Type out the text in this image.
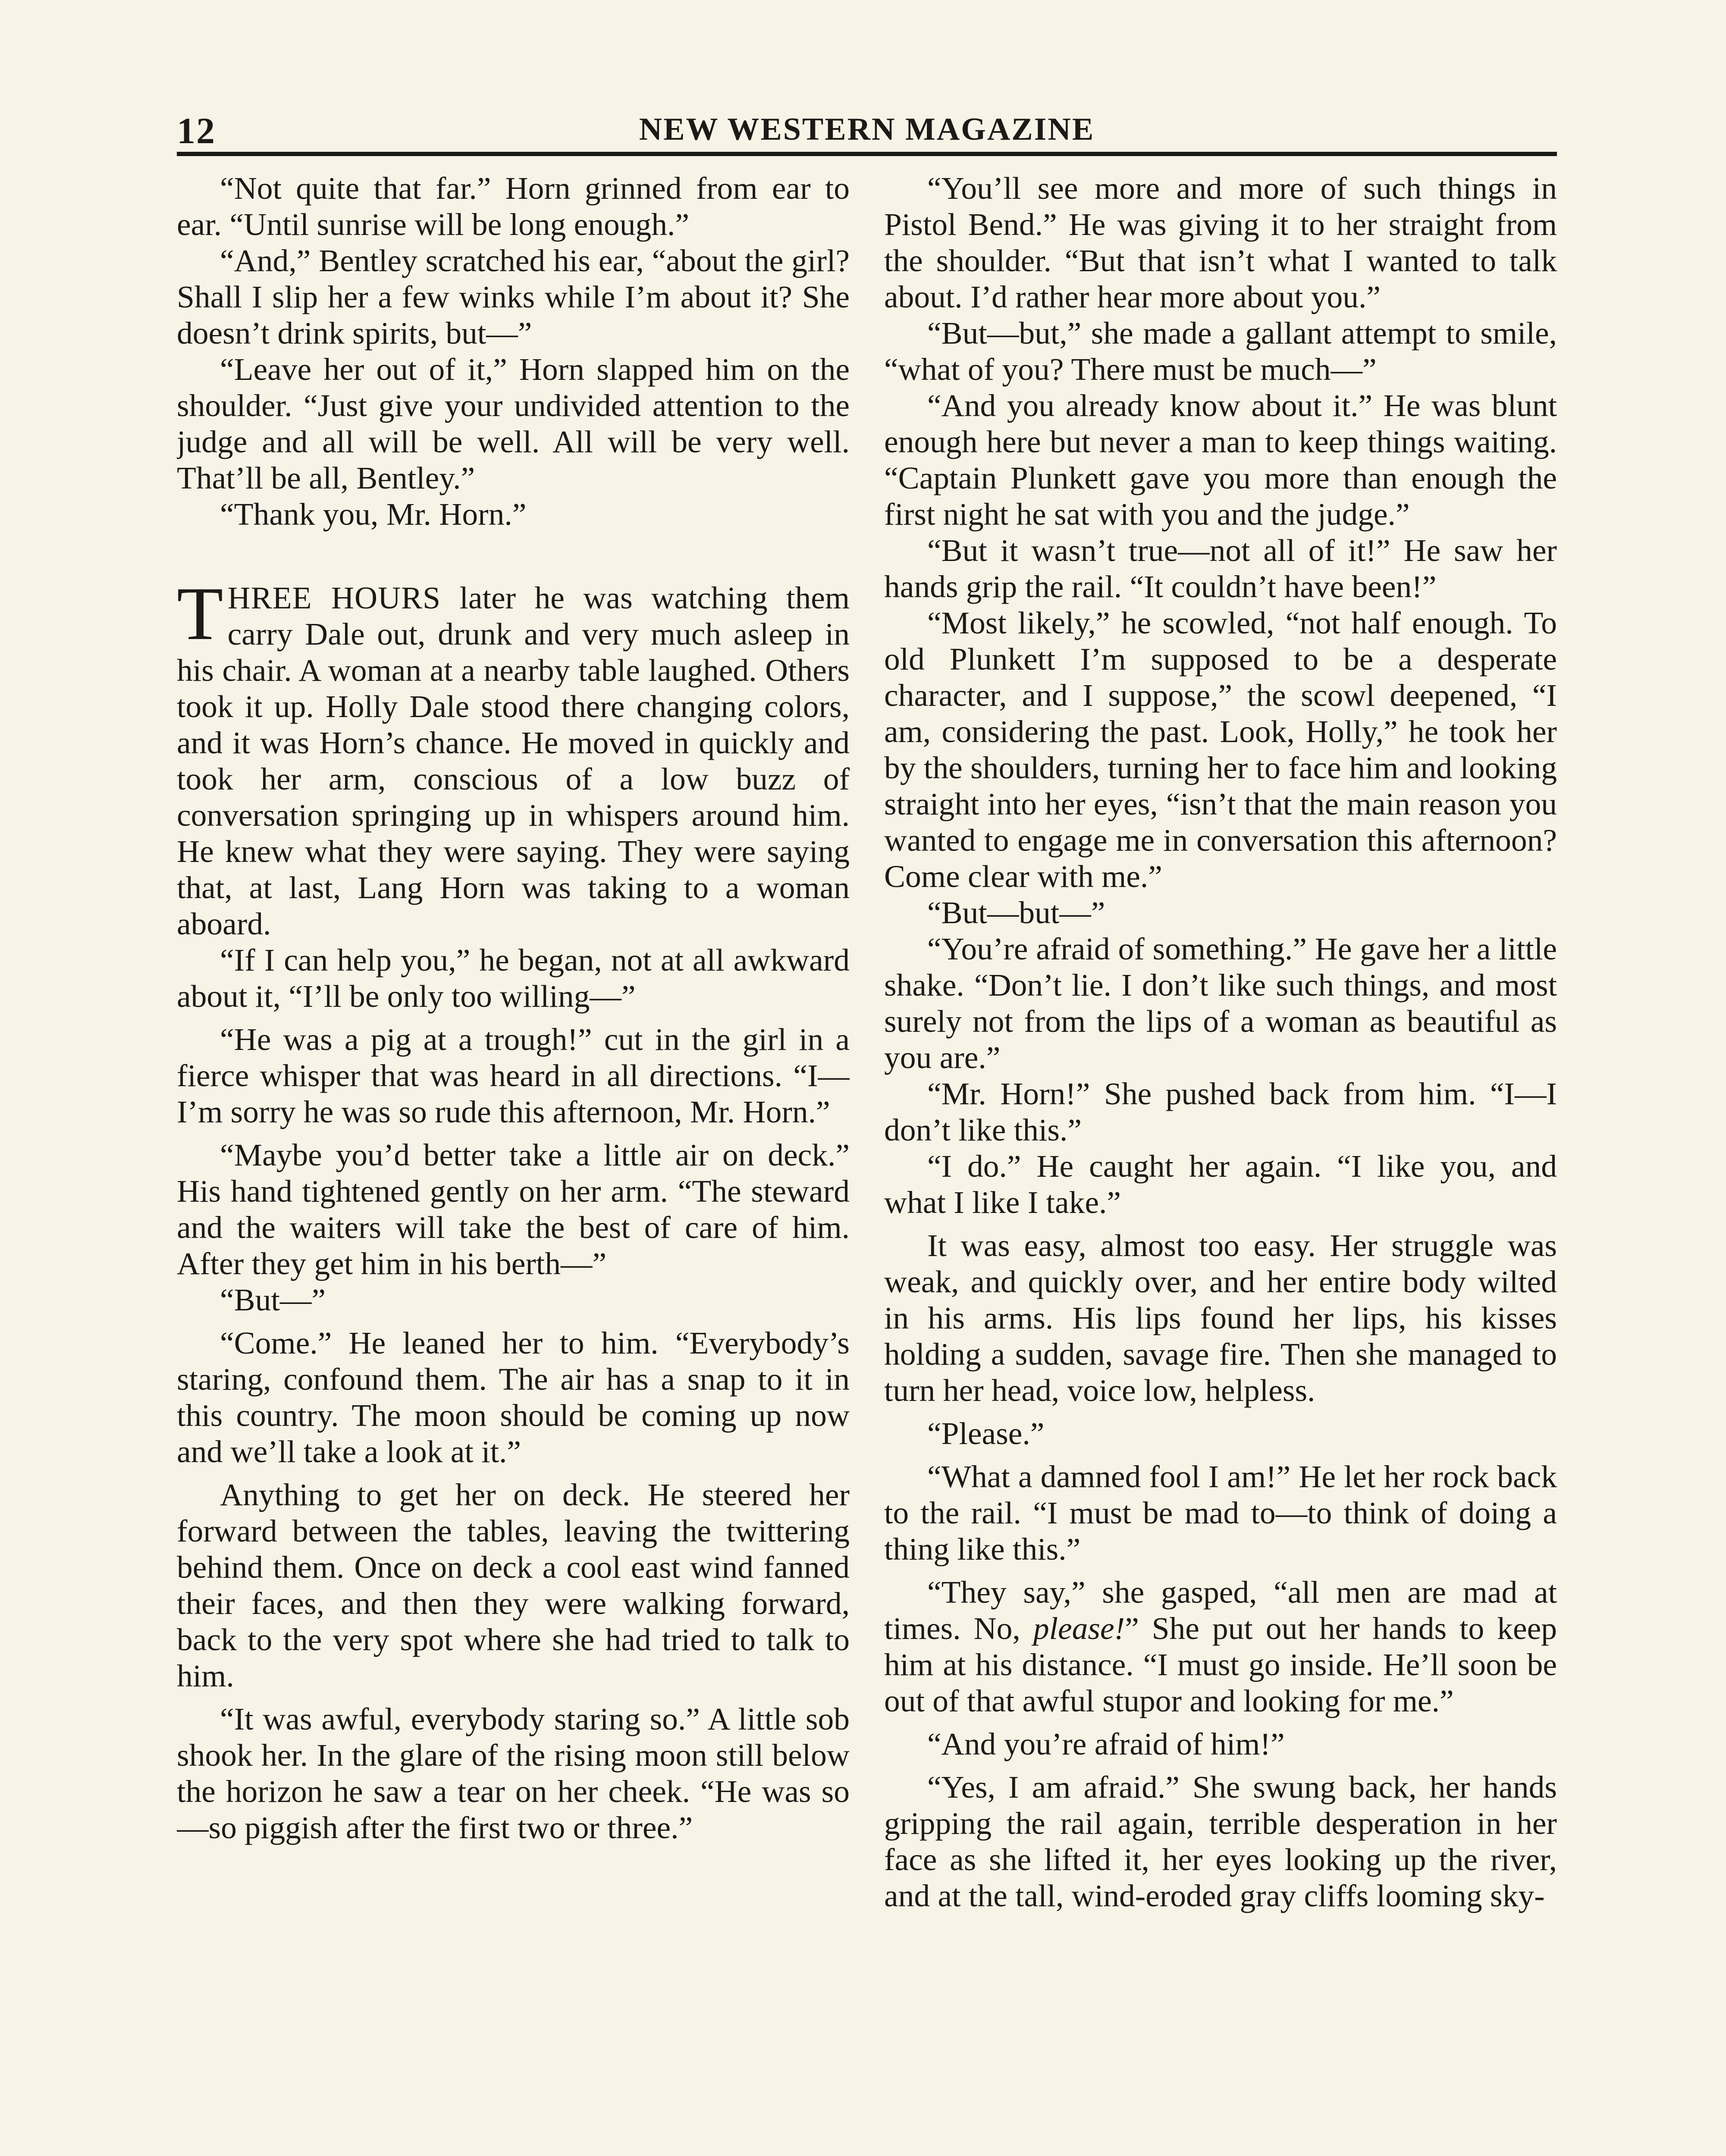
12	NEW WESTERN MAGAZINE

“Not quite that far.” Horn grinned from ear to ear. “Until sunrise will be long enough.”

“And,” Bentley scratched his ear, “about the girl? Shall I slip her a few winks while I’m about it? She doesn’t drink spirits, but—”

“Leave her out of it,” Horn slapped him on the shoulder. “Just give your undivided attention to the judge and all will be well. All will be very well. That’ll be all, Bentley.”

“Thank you, Mr. Horn.”

THREE HOURS later he was watching them carry Dale out, drunk and very much asleep in his chair. A woman at a nearby table laughed. Others took it up. Holly Dale stood there changing colors, and it was Horn’s chance. He moved in quickly and took her arm, conscious of a low buzz of conversation springing up in whispers around him. He knew what they were saying. They were saying that, at last, Lang Horn was taking to a woman aboard.

“If I can help you,” he began, not at all awkward about it, “I’ll be only too willing—”

“He was a pig at a trough!” cut in the girl in a fierce whisper that was heard in all directions. “I—I’m sorry he was so rude this afternoon, Mr. Horn.”

“Maybe you’d better take a little air on deck.” His hand tightened gently on her arm. “The steward and the waiters will take the best of care of him. After they get him in his berth—”

“But—”

“Come.” He leaned her to him. “Everybody’s staring, confound them. The air has a snap to it in this country. The moon should be coming up now and we’ll take a look at it.”

Anything to get her on deck. He steered her forward between the tables, leaving the twittering behind them. Once on deck a cool east wind fanned their faces, and then they were walking forward, back to the very spot where she had tried to talk to him.

“It was awful, everybody staring so.” A little sob shook her. In the glare of the rising moon still below the horizon he saw a tear on her cheek. “He was so—so piggish after the first two or three.”

“You’ll see more and more of such things in Pistol Bend.” He was giving it to her straight from the shoulder. “But that isn’t what I wanted to talk about. I’d rather hear more about you.”

“But—but,” she made a gallant attempt to smile, “what of you? There must be much—”

“And you already know about it.” He was blunt enough here but never a man to keep things waiting. “Captain Plunkett gave you more than enough the first night he sat with you and the judge.”

“But it wasn’t true—not all of it!” He saw her hands grip the rail. “It couldn’t have been!”

“Most likely,” he scowled, “not half enough. To old Plunkett I’m supposed to be a desperate character, and I suppose,” the scowl deepened, “I am, considering the past. Look, Holly,” he took her by the shoulders, turning her to face him and looking straight into her eyes, “isn’t that the main reason you wanted to engage me in conversation this afternoon? Come clear with me.”

“But—but—”

“You’re afraid of something.” He gave her a little shake. “Don’t lie. I don’t like such things, and most surely not from the lips of a woman as beautiful as you are.”

“Mr. Horn!” She pushed back from him. “I—I don’t like this.”

“I do.” He caught her again. “I like you, and what I like I take.”

It was easy, almost too easy. Her struggle was weak, and quickly over, and her entire body wilted in his arms. His lips found her lips, his kisses holding a sudden, savage fire. Then she managed to turn her head, voice low, helpless.

“Please.”

“What a damned fool I am!” He let her rock back to the rail. “I must be mad to—to think of doing a thing like this.”

“They say,” she gasped, “all men are mad at times. No, please!” She put out her hands to keep him at his distance. “I must go inside. He’ll soon be out of that awful stupor and looking for me.”

“And you’re afraid of him!”

“Yes, I am afraid.” She swung back, her hands gripping the rail again, terrible desperation in her face as she lifted it, her eyes looking up the river, and at the tall, wind-eroded gray cliffs looming sky-
